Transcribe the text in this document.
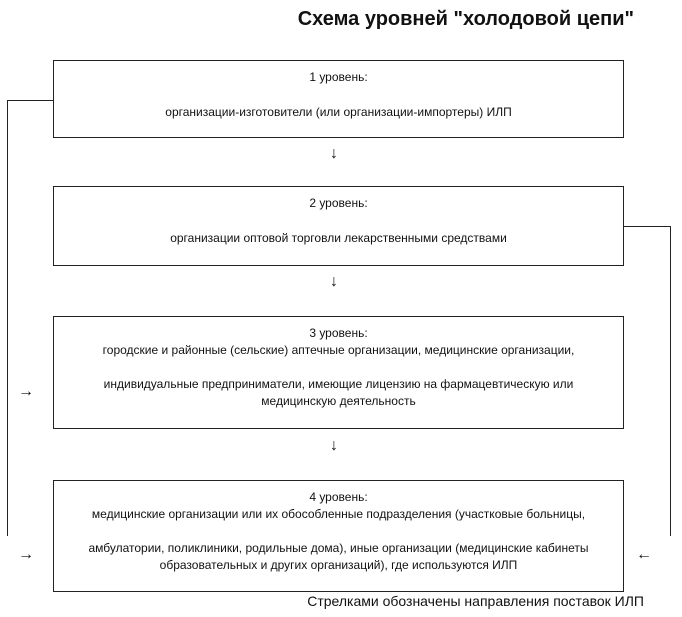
Схема уровней "холодовой цепи"

1 уровень:

организации-изготовители (или организации-импортеры) ИЛП

↓

2 уровень:

организации оптовой торговли лекарственными средствами

↓

3 уровень:

городские и районные (сельские) аптечные организации, медицинские организации,

индивидуальные предприниматели, имеющие лицензию на фармацевтическую или

медицинскую деятельность

↓

4 уровень:

медицинские организации или их обособленные подразделения (участковые больницы,

амбулатории, поликлиники, родильные дома), иные организации (медицинские кабинеты

образовательных и других организаций), где используются ИЛП

→
→	←
Стрелками обозначены направления поставок ИЛП
